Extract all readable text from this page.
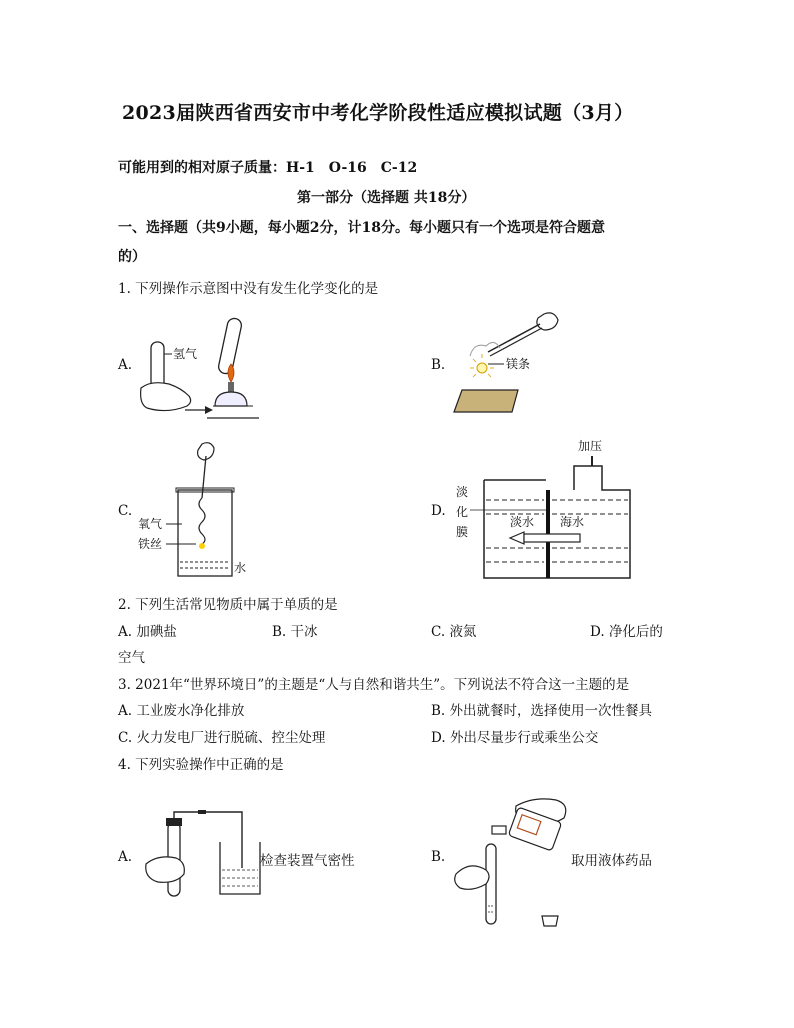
2023届陕西省西安市中考化学阶段性适应模拟试题（3月）
可能用到的相对原子质量：H-1　O-16　C-12
第一部分（选择题 共18分）
一、选择题（共9小题，每小题2分，计18分。每小题只有一个选项是符合题意
的）
1. 下列操作示意图中没有发生化学变化的是
A.
氢气
B.	镁条
C.
氧气
铁丝
水
D.
加压
淡
化
膜
淡水 海水
2. 下列生活常见物质中属于单质的是
A. 加碘盐	B. 干冰	C. 液氮	D. 净化后的
空气
3. 2021年“世界环境日”的主题是“人与自然和谐共生”。下列说法不符合这一主题的是
A. 工业废水净化排放	B. 外出就餐时，选择使用一次性餐具
C. 火力发电厂进行脱硫、控尘处理	D. 外出尽量步行或乘坐公交
4. 下列实验操作中正确的是
A.	检查装置气密性	B.	取用液体药品
